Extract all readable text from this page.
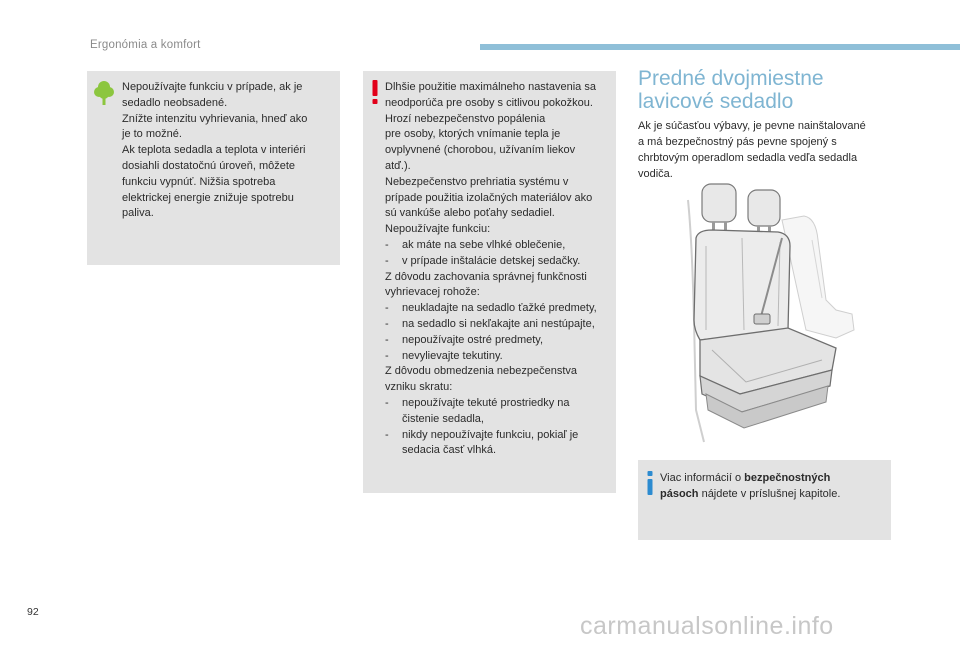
Ergonómia a komfort
Nepoužívajte funkciu v prípade, ak je
sedadlo neobsadené.
Znížte intenzitu vyhrievania, hneď ako
je to možné.
Ak teplota sedadla a teplota v interiéri
dosiahli dostatočnú úroveň, môžete
funkciu vypnúť. Nižšia spotreba
elektrickej energie znižuje spotrebu
paliva.
Dlhšie použitie maximálneho nastavenia sa
neodporúča pre osoby s citlivou pokožkou.
Hrozí nebezpečenstvo popálenia
pre osoby, ktorých vnímanie tepla je
ovplyvnené (chorobou, užívaním liekov
atď.).
Nebezpečenstvo prehriatia systému v
prípade použitia izolačných materiálov ako
sú vankúše alebo poťahy sedadiel.
Nepoužívajte funkciu:
- ak máte na sebe vlhké oblečenie,
- v prípade inštalácie detskej sedačky.
Z dôvodu zachovania správnej funkčnosti
vyhrievacej rohože:
- neukladajte na sedadlo ťažké predmety,
- na sedadlo si nekľakajte ani nestúpajte,
- nepoužívajte ostré predmety,
- nevylievajte tekutiny.
Z dôvodu obmedzenia nebezpečenstva
vzniku skratu:
- nepoužívajte tekuté prostriedky na
čistenie sedadla,
- nikdy nepoužívajte funkciu, pokiaľ je
sedacia časť vlhká.
Predné dvojmiestne
lavicové sedadlo
Ak je súčasťou výbavy, je pevne nainštalované
a má bezpečnostný pás pevne spojený s
chrbtovým operadlom sedadla vedľa sedadla
vodiča.
Viac informácií o bezpečnostných
pásoch nájdete v príslušnej kapitole.
92	carmanualsonline.info
